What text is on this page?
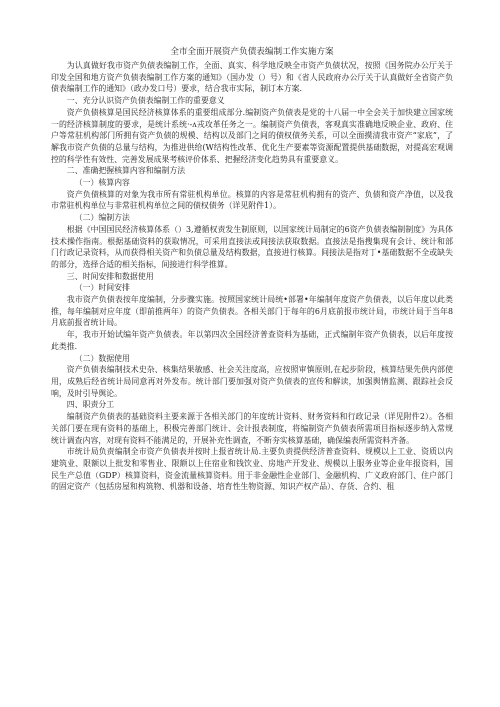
全市全面开展资产负债表编制工作实施方案
为认真做好我市资产负债表编制工作，全面、真实、科学地反映全市资产负债状况，按照《国务院办公厅关于印发全国和地方资产负债表编制工作方案的通知》（国办发（）号）和《省人民政府办公厅关于认真做好全省资产负债表编制工作的通知》（政办发口号）要求，结合我市实际，制订本方案.
一、充分认识资产负债表编制工作的重要意义
资产负债核算是国民经济核算体系的重要组成部分.编制资产负债表是党的十八届一中全会关于加快建立国家统一的经济核算制度的要求，是统计系统·-ʌ戎攻革任务之一。编制资产负债表，客观真实准确地反映企业、政府、住户等常驻机构部门所拥有资产负债的规模、结构以及部门之间的债权债务关系，可以全面摸清我市资产“家底”，了解我市资产负债的总量与结构，为推进供给(W结构性改革、优化生产要素等资源配置提供基础数据，对提高宏观调控的科学性有效性、完善发展成果考核评价体系、把握经济变化趋势具有重要意义。
二、准确把握核算内容和编制方法
（一）核算内容
资产负债核算的对象为我市所有常驻机构单位。核算的内容是常驻机构拥有的资产、负债和资产净值，以及我市常驻机构单位与非常驻机构单位之间的债权债务（详见附件1）。
（二）编制方法
根据《中国国民经济核算体系（）3,遵循权责发生制原则，以国家统计局制定的6资产负债表编制制度》为具体技术操作指南。根据基础资料的获取情况，可采用直接法或间接法获取数据。直接法是指搜集现有会计、统计和部门行政记录资料，从而获得相关资产和负债总量及结构数据，直接进行核算。间接法是指对丁•基础数据不全或缺失的部分，选择合适的相关指标，间接进行科学推算。
三、时间安排和数据使用
（一）时间安排
我市资产负债表按年度编制，分步骤实施。按照国家统计局统•部署•年编制年度资产负债表，以后年度以此类推，每年编制对应年度（即前推两年）的资产负债表。各相关部门于每年的6月底前报市统计局，市统计局于当年8月底前报省统计局。
年，我市开始试编年资产负债表。年以第四次全国经济普查资料为基础，正式编制年资产负债表，以后年度按此类推.
（二）数据使用
资产负债表编制技术史杂、核集结果敏感、社会关注度高，应按照审慎原则,在起步阶段，核算结果先供内部使用，成熟后经省统计局同意再对外发布。统计部门要加强对资产负债表的宣传和解读，加强舆情监测、跟踪社会反响，及时引导舆论。
四、职责分工
编制资产负债表的基础资料主要来源于各相关部门的年度统计资料、财务资料和行政记录（详见附件2）。各相关部门要在现有资料的基础上，积极完善部门统计、会计报表制度，将编制资产负债表所需项目指标逐步纳入常规统计调查内容，对现有资料不能满足的，开展补充性调查，不断夯实核算基础，确保编表所需资料齐备。
市统计局负责编制全市资产负债表并按时上报省统计局.主要负责提供经济普查资料、规模以上工业、资质以内建筑业、限额以上批发和零售业、限额以上住宿业和钱饮业、房地产开发业、规模以上服务业等企业年报资料，国民生产总值（GDP）核算资料，资金流量核算资料。用于非金融性企业部门、金融机构、广义政府部门、住户部门的固定资产（包括房屋和构筑物、机器和设备、培育性生物资源、知识产权产品）、存货、合约、租
